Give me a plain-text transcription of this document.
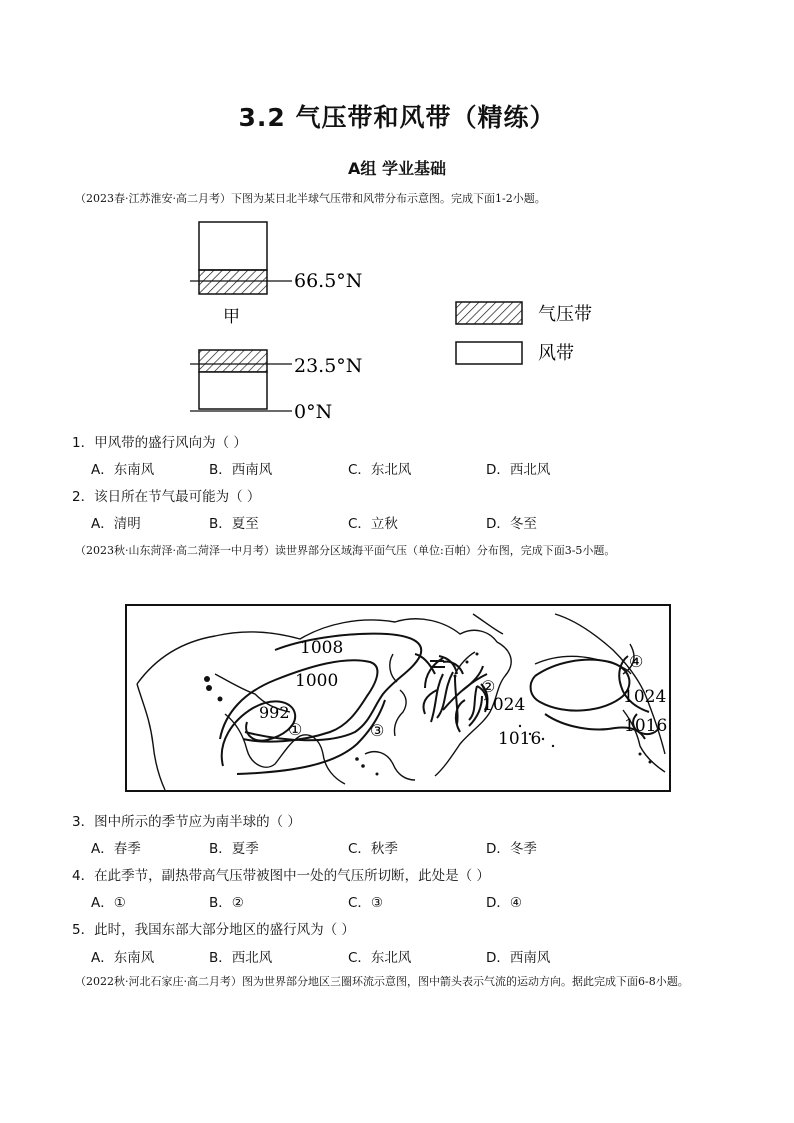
3.2 气压带和风带（精练）
A组 学业基础
（2023春·江苏淮安·高二月考）下图为某日北半球气压带和风带分布示意图。完成下面1-2小题。
66.5°N
甲
23.5°N
0°N
气压带
风带
1．甲风带的盛行风向为（ ）
A．东南风	B．西南风	C．东北风	D．西北风
2．该日所在节气最可能为（ ）
A．清明	B．夏至	C．立秋	D．冬至
（2023秋·山东菏泽·高二菏泽一中月考）读世界部分区域海平面气压（单位:百帕）分布图，完成下面3-5小题。
1008
1000
992	1024
1016
1024
1016
①
②
③
④
3．图中所示的季节应为南半球的（ ）
A．春季	B．夏季	C．秋季	D．冬季
4．在此季节，副热带高气压带被图中一处的气压所切断，此处是（ ）
A．①	B．②	C．③	D．④
5．此时，我国东部大部分地区的盛行风为（ ）
A．东南风	B．西北风	C．东北风	D．西南风
（2022秋·河北石家庄·高二月考）图为世界部分地区三圈环流示意图，图中箭头表示气流的运动方向。据此完成下面6-8小题。
